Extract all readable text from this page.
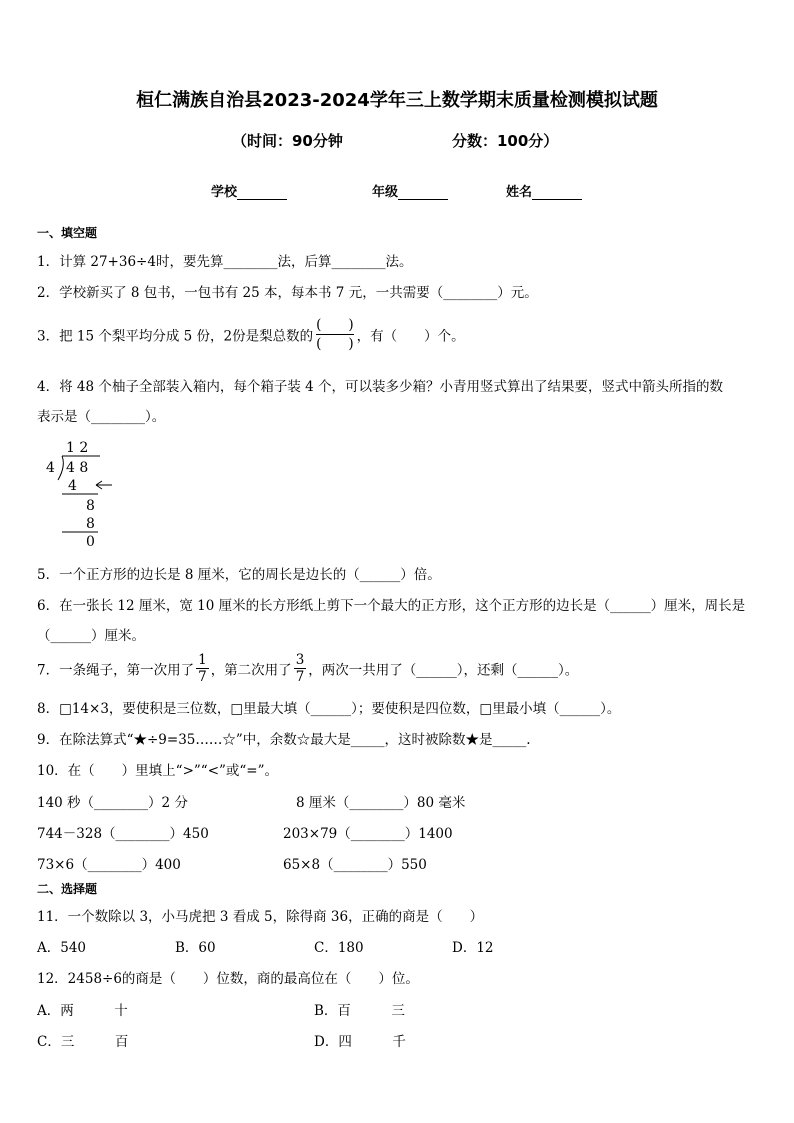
桓仁满族自治县2023-2024学年三上数学期末质量检测模拟试题
（时间：90分钟	分数：100分）
学校	年级	姓名
一、填空题
1．计算 27+36÷4时，要先算________法，后算________法。
2．学校新买了 8 包书，一包书有 25 本，每本书 7 元，一共需要（________）元。
3．把 15 个梨平均分成 5 份，2份是梨总数的 $\frac{( )}{( )}$ ，有（　　）个。
4．将 48 个柚子全部装入箱内，每个箱子装 4 个，可以装多少箱？小青用竖式算出了结果要，竖式中箭头所指的数
表示是（________）。
1 2
4 4 8
4
8
8
0
5．一个正方形的边长是 8 厘米，它的周长是边长的（______）倍。
6．在一张长 12 厘米，宽 10 厘米的长方形纸上剪下一个最大的正方形，这个正方形的边长是（______）厘米，周长是
（______）厘米。
7．一条绳子，第一次用了 $\frac{1}{7}$ ，第二次用了 $\frac{3}{7}$ ，两次一共用了（______），还剩（______）。
8．□14×3，要使积是三位数，□里最大填（______）；要使积是四位数，□里最小填（______）。
9．在除法算式“★÷9=35……☆”中，余数☆最大是_____，这时被除数★是_____.
10．在（　　）里填上“>”“<”或“=”。
140 秒（________）2 分	8 厘米（________）80 毫米
744－328（________）450	203×79（________）1400
73×6（________）400	65×8（________）550
二、选择题
11．一个数除以 3，小马虎把 3 看成 5，除得商 36，正确的商是（　　）
A．540	B．60	C．180	D．12
12．2458÷6的商是（　　）位数，商的最高位在（　　）位。
A．两　　　十	B．百　　　三
C．三　　　百	D．四　　　千
